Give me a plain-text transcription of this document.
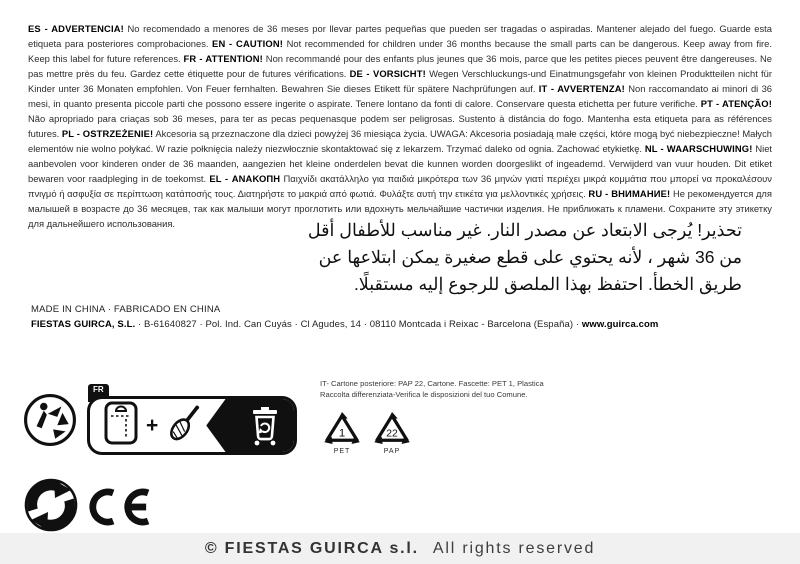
ES - ADVERTENCIA! No recomendado a menores de 36 meses por llevar partes pequeñas que pueden ser tragadas o aspiradas. Mantener alejado del fuego. Guarde esta etiqueta para posteriores comprobaciones. EN - CAUTION! Not recommended for children under 36 months because the small parts can be dangerous. Keep away from fire. Keep this label for future references. FR - ATTENTION! Non recommandé pour des enfants plus jeunes que 36 mois, parce que les petites pieces peuvent être dangereuses. Ne pas mettre près du feu. Gardez cette étiquette pour de futures vérifications. DE - VORSICHT! Wegen Verschluckungs-und Einatmungsgefahr von kleinen Produktteilen nicht für Kinder unter 36 Monaten empfohlen. Von Feuer fernhalten. Bewahren Sie dieses Etikett für spätere Nachprüfungen auf. IT - AVVERTENZA! Non raccomandato ai minori di 36 mesi, in quanto presenta piccole parti che possono essere ingerite o aspirate. Tenere lontano da fonti di calore. Conservare questa etichetta per future verifiche. PT - ATENÇÃO! Não apropriado para criaças sob 36 meses, para ter as pecas pequenasque podem ser peligrosas. Sustento à distância do fogo. Mantenha esta etiqueta para as références futures. PL - OSTRZEŻENIE! Akcesoria są przeznaczone dla dzieci powyżej 36 miesiąca życia. UWAGA: Akcesoria posiadają małe części, które mogą być niebezpieczne! Małych elementów nie wolno połykać. W razie połknięcia należy niezwłocznie skontaktować się z lekarzem. Trzymać daleko od ognia. Zachować etykietkę. NL - WAARSCHUWING! Niet aanbevolen voor kinderen onder de 36 maanden, aangezien het kleine onderdelen bevat die kunnen worden doorgeslikt of ingeademd. Verwijderd van vuur houden. Dit etiket bewaren voor raadpleging in de toekomst. EL - ΑΝΑΚΟΠΗ Παιχνίδι ακατάλληλο για παιδιά μικρότερα των 36 μηνών γιατί περιέχει μικρά κομμάτια που μπορεί να προκαλέσουν πνιγμό ή ασφυξία σε περίπτωση κατάποσής τους. Διατηρήστε το μακριά από φωτιά. Φυλάξτε αυτή την ετικέτα για μελλοντικές χρήσεις. RU - ВНИМАНИЕ! Не рекомендуется для малышей в возрасте до 36 месяцев, так как малыши могут проглотить или вдохнуть мельчайшие частички изделия. Не приближать к пламени. Сохраните эту этикетку для дальнейшего использования.	تحذير! يُرجى الابتعاد عن مصدر النار. غير مناسب للأطفال أقل
من 36 شهر ، لأنه يحتوي على قطع صغيرة يمكن ابتلاعها عن
طريق الخطأ. احتفظ بهذا الملصق للرجوع إليه مستقبلًا.
MADE IN CHINA · FABRICADO EN CHINA
FIESTAS GUIRCA, S.L. · B-61640827 · Pol. Ind. Can Cuyás · Cl Agudes, 14 · 08110 Montcada i Reixac - Barcelona (España) · www.guirca.com
FR
+
IT- Cartone posteriore: PAP 22, Cartone. Fascette: PET 1, Plastica
Raccolta differenziata-Verifica le disposizioni del tuo Comune.
1
PET
22
PAP
© FIESTAS GUIRCA s.l. All rights reserved
